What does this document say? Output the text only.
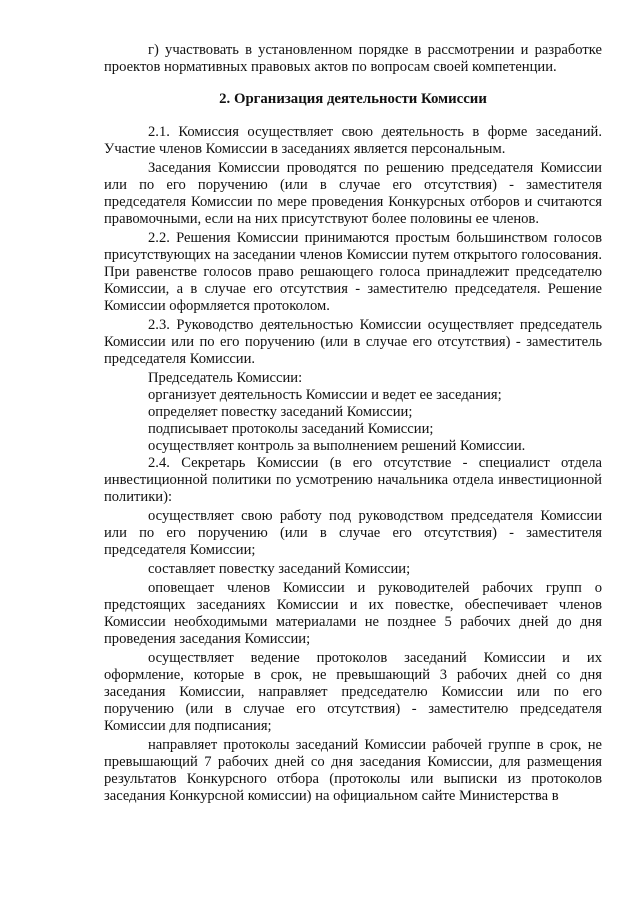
г) участвовать в установленном порядке в рассмотрении и разработке проектов нормативных правовых актов по вопросам своей компетенции.

2. Организация деятельности Комиссии

2.1. Комиссия осуществляет свою деятельность в форме заседаний. Участие членов Комиссии в заседаниях является персональным.

Заседания Комиссии проводятся по решению председателя Комиссии или по его поручению (или в случае его отсутствия) - заместителя председателя Комиссии по мере проведения Конкурсных отборов и считаются правомочными, если на них присутствуют более половины ее членов.

2.2. Решения Комиссии принимаются простым большинством голосов присутствующих на заседании членов Комиссии путем открытого голосования. При равенстве голосов право решающего голоса принадлежит председателю Комиссии, а в случае его отсутствия - заместителю председателя. Решение Комиссии оформляется протоколом.

2.3. Руководство деятельностью Комиссии осуществляет председатель Комиссии или по его поручению (или в случае его отсутствия) - заместитель председателя Комиссии.

Председатель Комиссии:

организует деятельность Комиссии и ведет ее заседания;

определяет повестку заседаний Комиссии;

подписывает протоколы заседаний Комиссии;

осуществляет контроль за выполнением решений Комиссии.

2.4. Секретарь Комиссии (в его отсутствие - специалист отдела инвестиционной политики по усмотрению начальника отдела инвестиционной политики):

осуществляет свою работу под руководством председателя Комиссии или по его поручению (или в случае его отсутствия) - заместителя председателя Комиссии;

составляет повестку заседаний Комиссии;

оповещает членов Комиссии и руководителей рабочих групп о предстоящих заседаниях Комиссии и их повестке, обеспечивает членов Комиссии необходимыми материалами не позднее 5 рабочих дней до дня проведения заседания Комиссии;

осуществляет ведение протоколов заседаний Комиссии и их оформление, которые в срок, не превышающий 3 рабочих дней со дня заседания Комиссии, направляет председателю Комиссии или по его поручению (или в случае его отсутствия) - заместителю председателя Комиссии для подписания;

направляет протоколы заседаний Комиссии рабочей группе в срок, не превышающий 7 рабочих дней со дня заседания Комиссии, для размещения результатов Конкурсного отбора (протоколы или выписки из протоколов заседания Конкурсной комиссии) на официальном сайте Министерства в
